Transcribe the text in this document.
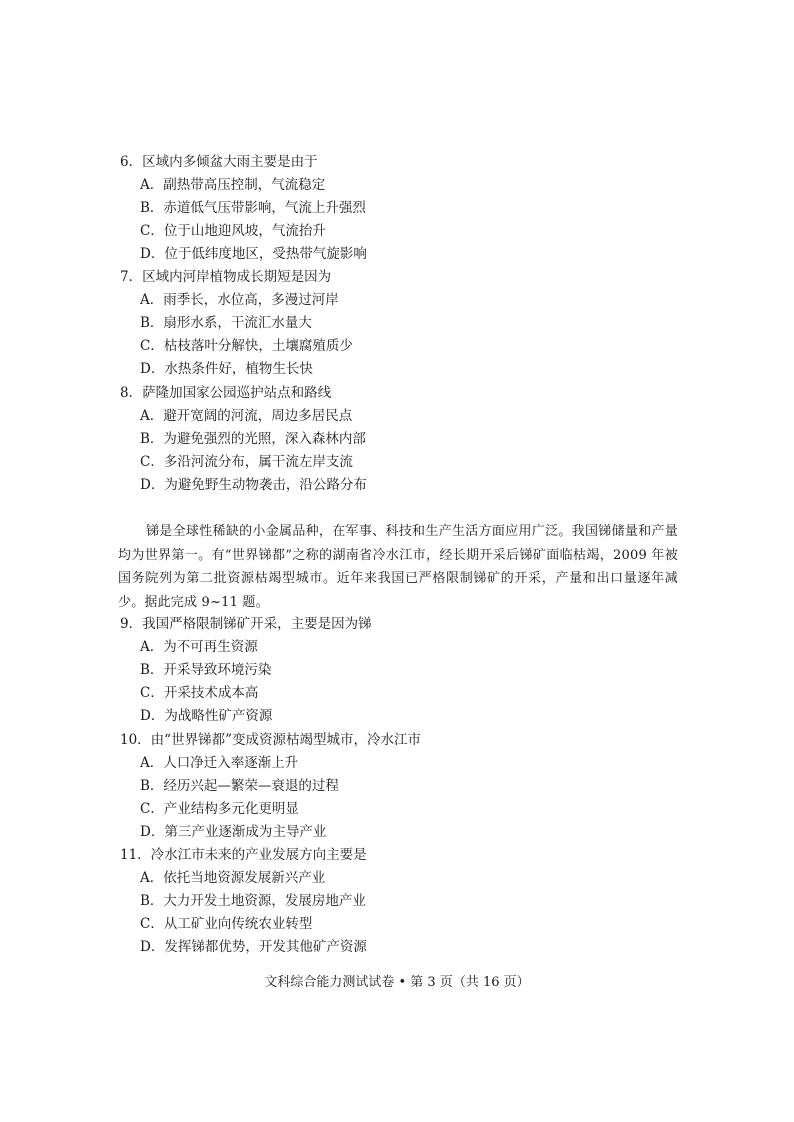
6．区域内多倾盆大雨主要是由于
A．副热带高压控制，气流稳定
B．赤道低气压带影响，气流上升强烈
C．位于山地迎风坡，气流抬升
D．位于低纬度地区，受热带气旋影响
7．区域内河岸植物成长期短是因为
A．雨季长，水位高，多漫过河岸
B．扇形水系，干流汇水量大
C．枯枝落叶分解快，土壤腐殖质少
D．水热条件好，植物生长快
8．萨隆加国家公园巡护站点和路线
A．避开宽阔的河流，周边多居民点
B．为避免强烈的光照，深入森林内部
C．多沿河流分布，属干流左岸支流
D．为避免野生动物袭击，沿公路分布
锑是全球性稀缺的小金属品种，在军事、科技和生产生活方面应用广泛。我国锑储量和产量均为世界第一。有“世界锑都”之称的湖南省冷水江市，经长期开采后锑矿面临枯竭，2009 年被国务院列为第二批资源枯竭型城市。近年来我国已严格限制锑矿的开采，产量和出口量逐年减少。据此完成 9~11 题。
9．我国严格限制锑矿开采，主要是因为锑
A．为不可再生资源
B．开采导致环境污染
C．开采技术成本高
D．为战略性矿产资源
10．由“世界锑都”变成资源枯竭型城市，冷水江市
A．人口净迁入率逐渐上升
B．经历兴起—繁荣—衰退的过程
C．产业结构多元化更明显
D．第三产业逐渐成为主导产业
11．冷水江市未来的产业发展方向主要是
A．依托当地资源发展新兴产业
B．大力开发土地资源，发展房地产业
C．从工矿业向传统农业转型
D．发挥锑都优势，开发其他矿产资源
文科综合能力测试试卷 • 第 3 页（共 16 页）
